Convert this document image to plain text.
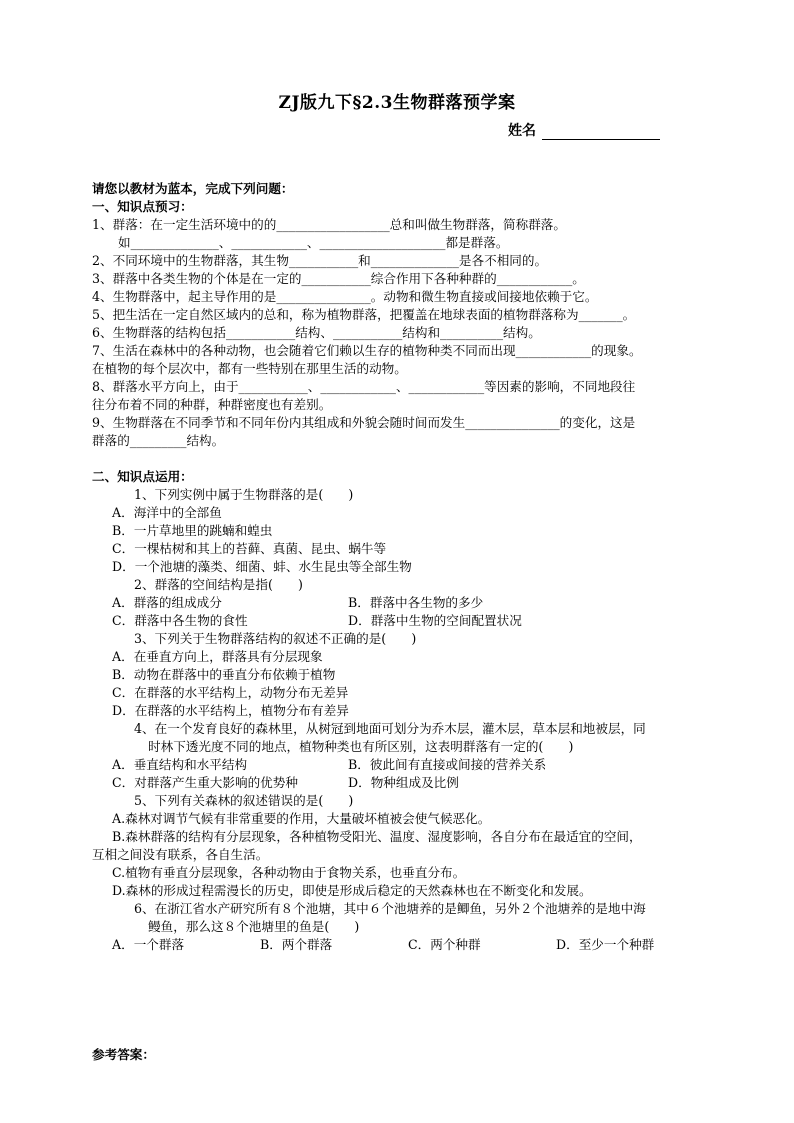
ZJ版九下§2.3生物群落预学案
姓名
请您以教材为蓝本，完成下列问题：
一、知识点预习：
1、群落：在一定生活环境中的的__________________总和叫做生物群落，简称群落。
如______________、____________、____________________都是群落。
2、不同环境中的生物群落，其生物___________和______________是各不相同的。
3、群落中各类生物的个体是在一定的___________综合作用下各种种群的____________。
4、生物群落中，起主导作用的是_______________。动物和微生物直接或间接地依赖于它。
5、把生活在一定自然区域内的总和，称为植物群落，把覆盖在地球表面的植物群落称为_______。
6、生物群落的结构包括___________结构、___________结构和__________结构。
7、生活在森林中的各种动物，也会随着它们赖以生存的植物种类不同而出现____________的现象。
在植物的每个层次中，都有一些特别在那里生活的动物。
8、群落水平方向上，由于___________、____________、____________等因素的影响，不同地段往
往分布着不同的种群，种群密度也有差别。
9、生物群落在不同季节和不同年份内其组成和外貌会随时间而发生_______________的变化，这是
群落的_________结构。
二、知识点运用：
1、下列实例中属于生物群落的是(　　)
A．海洋中的全部鱼
B．一片草地里的跳蝻和蝗虫
C．一棵枯树和其上的苔藓、真菌、昆虫、蜗牛等
D．一个池塘的藻类、细菌、蚌、水生昆虫等全部生物
2、群落的空间结构是指(　　)
A．群落的组成成分	B．群落中各生物的多少
C．群落中各生物的食性	D．群落中生物的空间配置状况
3、下列关于生物群落结构的叙述不正确的是(　　)
A．在垂直方向上，群落具有分层现象
B．动物在群落中的垂直分布依赖于植物
C．在群落的水平结构上，动物分布无差异
D．在群落的水平结构上，植物分布有差异
4、在一个发育良好的森林里，从树冠到地面可划分为乔木层，灌木层，草本层和地被层，同
时林下透光度不同的地点，植物种类也有所区别，这表明群落有一定的(　　)
A．垂直结构和水平结构	B．彼此间有直接或间接的营养关系
C．对群落产生重大影响的优势种	D．物种组成及比例
5、下列有关森林的叙述错误的是(　　)
A.森林对调节气候有非常重要的作用，大量破坏植被会使气候恶化。
B.森林群落的结构有分层现象，各种植物受阳光、温度、湿度影响，各自分布在最适宜的空间，
互相之间没有联系，各自生活。
C.植物有垂直分层现象，各种动物由于食物关系，也垂直分布。
D.森林的形成过程需漫长的历史，即使是形成后稳定的天然森林也在不断变化和发展。
6、在浙江省水产研究所有８个池塘，其中６个池塘养的是鲫鱼，另外２个池塘养的是地中海
鳗鱼，那么这８个池塘里的鱼是(　　)
A．一个群落	B．两个群落	C．两个种群	D．至少一个种群
参考答案：
